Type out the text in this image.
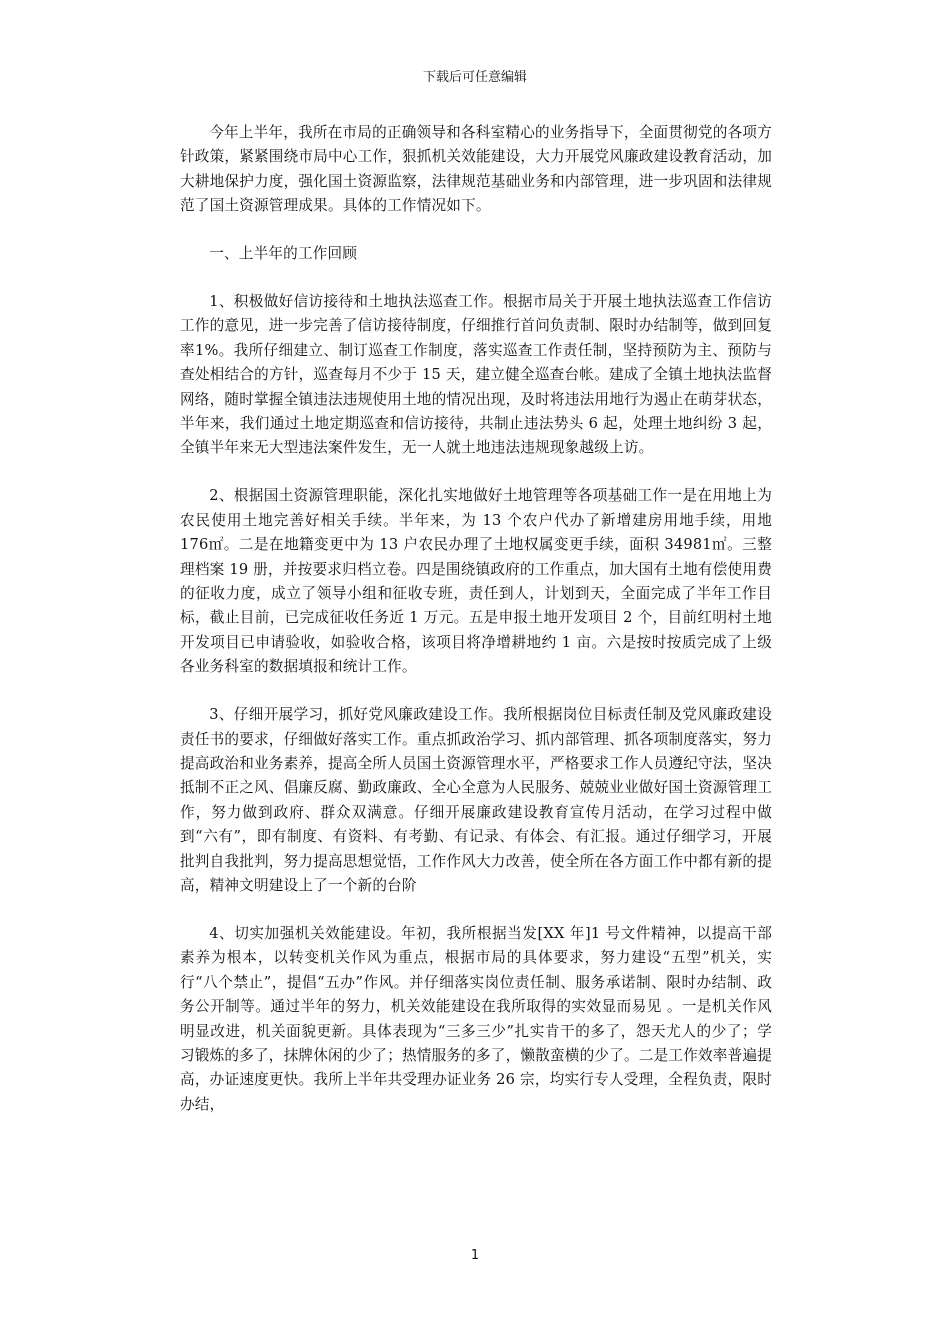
下载后可任意编辑

今年上半年，我所在市局的正确领导和各科室精心的业务指导下，全面贯彻党的各项方针政策，紧紧围绕市局中心工作，狠抓机关效能建设，大力开展党风廉政建设教育活动，加大耕地保护力度，强化国土资源监察，法律规范基础业务和内部管理，进一步巩固和法律规范了国土资源管理成果。具体的工作情况如下。

一、上半年的工作回顾

1、积极做好信访接待和土地执法巡查工作。根据市局关于开展土地执法巡查工作信访工作的意见，进一步完善了信访接待制度，仔细推行首问负责制、限时办结制等，做到回复率1%。我所仔细建立、制订巡查工作制度，落实巡查工作责任制，坚持预防为主、预防与查处相结合的方针，巡查每月不少于 15 天，建立健全巡查台帐。建成了全镇土地执法监督网络，随时掌握全镇违法违规使用土地的情况出现，及时将违法用地行为遏止在萌芽状态，半年来，我们通过土地定期巡查和信访接待，共制止违法势头 6 起，处理土地纠纷 3 起，全镇半年来无大型违法案件发生，无一人就土地违法违规现象越级上访。

2、根据国土资源管理职能，深化扎实地做好土地管理等各项基础工作一是在用地上为农民使用土地完善好相关手续。半年来，为 13 个农户代办了新增建房用地手续，用地 176㎡。二是在地籍变更中为 13 户农民办理了土地权属变更手续，面积 34981㎡。三整理档案 19 册，并按要求归档立卷。四是围绕镇政府的工作重点，加大国有土地有偿使用费的征收力度，成立了领导小组和征收专班，责任到人，计划到天，全面完成了半年工作目标，截止目前，已完成征收任务近 1 万元。五是申报土地开发项目 2 个，目前红明村土地开发项目已申请验收，如验收合格，该项目将净增耕地约 1 亩。六是按时按质完成了上级各业务科室的数据填报和统计工作。

3、仔细开展学习，抓好党风廉政建设工作。我所根据岗位目标责任制及党风廉政建设责任书的要求，仔细做好落实工作。重点抓政治学习、抓内部管理、抓各项制度落实，努力提高政治和业务素养，提高全所人员国土资源管理水平，严格要求工作人员遵纪守法，坚决抵制不正之风、倡廉反腐、勤政廉政、全心全意为人民服务、兢兢业业做好国土资源管理工作，努力做到政府、群众双满意。仔细开展廉政建设教育宣传月活动，在学习过程中做到“六有”，即有制度、有资料、有考勤、有记录、有体会、有汇报。通过仔细学习，开展批判自我批判，努力提高思想觉悟，工作作风大力改善，使全所在各方面工作中都有新的提高，精神文明建设上了一个新的台阶

4、切实加强机关效能建设。年初，我所根据当发[XX 年]1 号文件精神，以提高干部素养为根本，以转变机关作风为重点，根据市局的具体要求，努力建设“五型”机关，实行“八个禁止”，提倡“五办”作风。并仔细落实岗位责任制、服务承诺制、限时办结制、政务公开制等。通过半年的努力，机关效能建设在我所取得的实效显而易见 。一是机关作风明显改进，机关面貌更新。具体表现为“三多三少”扎实肯干的多了，怨天尤人的少了；学习锻炼的多了，抹牌休闲的少了；热情服务的多了，懒散蛮横的少了。二是工作效率普遍提高，办证速度更快。我所上半年共受理办证业务 26 宗，均实行专人受理，全程负责，限时办结，

1
